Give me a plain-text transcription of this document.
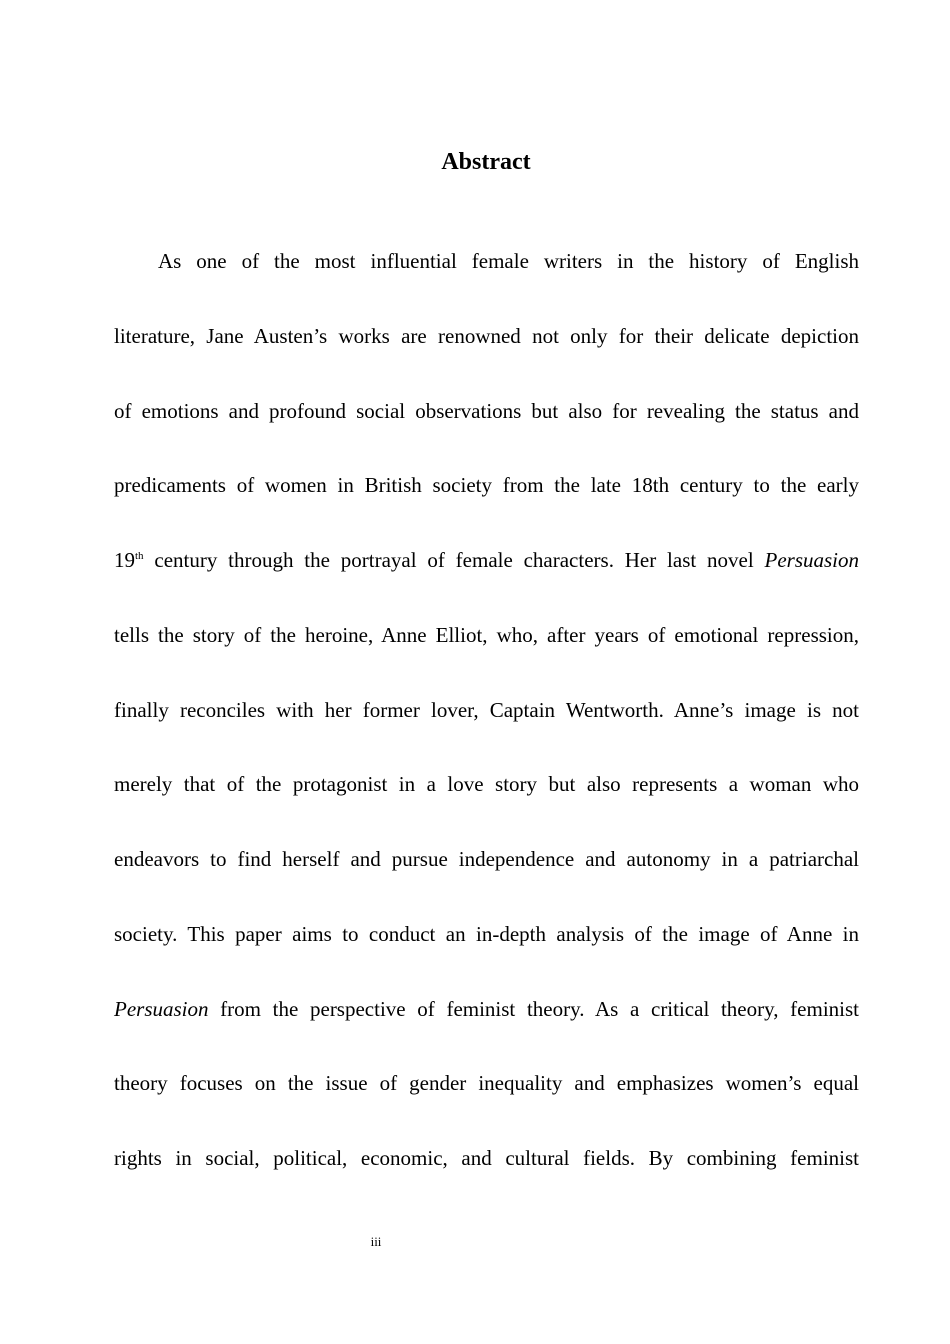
Abstract
As one of the most influential female writers in the history of English
literature, Jane Austen’s works are renowned not only for their delicate depiction
of emotions and profound social observations but also for revealing the status and
predicaments of women in British society from the late 18th century to the early
19th century through the portrayal of female characters. Her last novel Persuasion
tells the story of the heroine, Anne Elliot, who, after years of emotional repression,
finally reconciles with her former lover, Captain Wentworth. Anne’s image is not
merely that of the protagonist in a love story but also represents a woman who
endeavors to find herself and pursue independence and autonomy in a patriarchal
society. This paper aims to conduct an in-depth analysis of the image of Anne in
Persuasion from the perspective of feminist theory. As a critical theory, feminist
theory focuses on the issue of gender inequality and emphasizes women’s equal
rights in social, political, economic, and cultural fields. By combining feminist
iii
